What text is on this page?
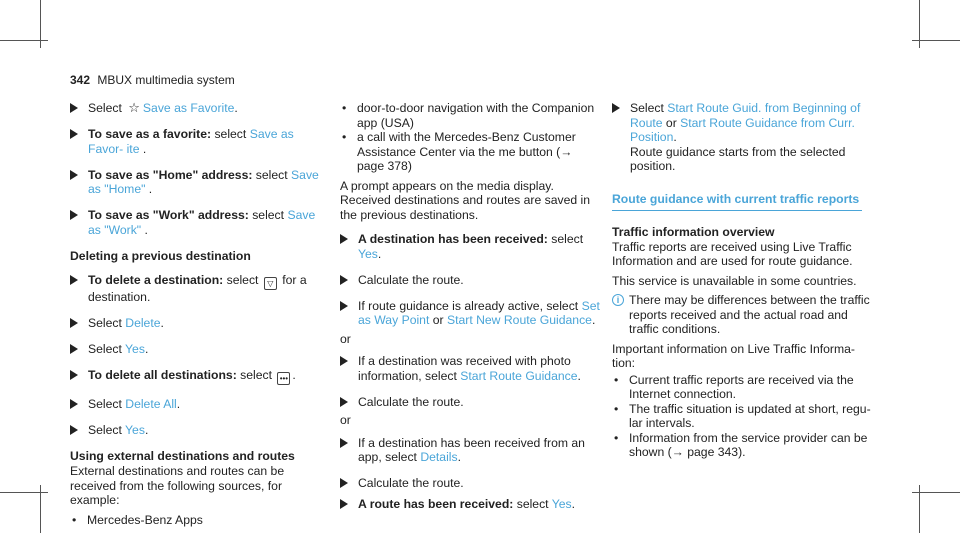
342 MBUX multimedia system
Select ☆ Save as Favorite.
To save as a favorite: select Save as Favor- ite .
To save as "Home" address: select Save as "Home" .
To save as "Work" address: select Save as "Work" .
Deleting a previous destination
To delete a destination: select ▽ for a destination.
Select Delete.
Select Yes.
To delete all destinations: select ••• .
Select Delete All.
Select Yes.
Using external destinations and routes
External destinations and routes can be received from the following sources, for example:
• Mercedes-Benz Apps
• door-to-door navigation with the Companion app (USA)
• a call with the Mercedes-Benz Customer Assistance Center via the me button (→ page 378)
A prompt appears on the media display. Received destinations and routes are saved in the previous destinations.
A destination has been received: select Yes.
Calculate the route.
If route guidance is already active, select Set as Way Point or Start New Route Guidance.
or
If a destination was received with photo information, select Start Route Guidance.
Calculate the route.
or
If a destination has been received from an app, select Details.
Calculate the route.
A route has been received: select Yes.
Select Start Route Guid. from Beginning of Route or Start Route Guidance from Curr. Position.
Route guidance starts from the selected position.
Route guidance with current traffic reports
Traffic information overview
Traffic reports are received using Live Traffic Information and are used for route guidance.
This service is unavailable in some countries.
i There may be differences between the traffic reports received and the actual road and traffic conditions.
Important information on Live Traffic Informa- tion:
• Current traffic reports are received via the Internet connection.
• The traffic situation is updated at short, regu- lar intervals.
• Information from the service provider can be shown (→ page 343).
